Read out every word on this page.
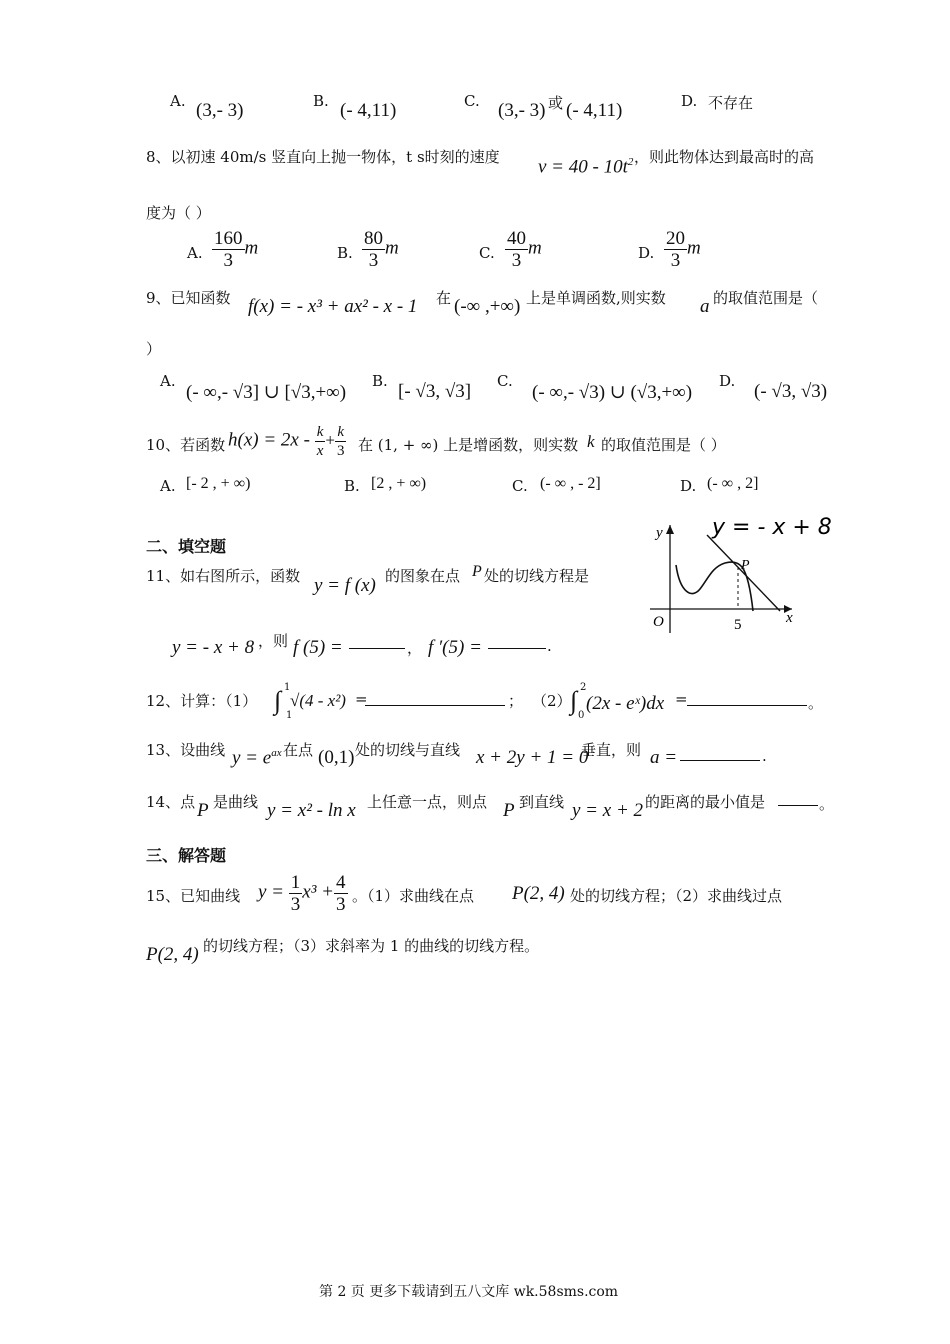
A. (3,- 3)	B. (- 4,11)	C. (3,- 3) 或 (- 4,11)	D. 不存在
8、以初速 40m/s 竖直向上抛一物体，t s时刻的速度 $v = 40 - 10t^2$ ，则此物体达到最高时的高
度为（ ）
A. $\frac{160}{3}$ m	B. $\frac{80}{3}$ m	C. $\frac{40}{3}$ m	D. $\frac{20}{3}$ m
9、已知函数 f(x) = - x³ + ax² - x - 1 在 (-∞ ,+∞) 上是单调函数,则实数 a 的取值范围是（
）
A.
(- ∞,- √3] ∪ [√3,+∞)
B. [- √3, √3] C.
(- ∞,- √3) ∪ (√3,+∞)
D. (- √3, √3)
10、若函数 $h(x) = 2x - \frac{k}{x} + \frac{k}{3}$ 在 (1, + ∞) 上是增函数，则实数 k 的取值范围是（ ）
A. [- 2 , + ∞)	B. [2 , + ∞)	C. (- ∞ , - 2]	D. (- ∞ , 2]
二、填空题
11、如右图所示，函数 y = f (x) 的图象在点 P 处的切线方程是
y = - x + 8 ，则 f (5) =	， f ′(5) =	.
y
x
O
P
5
y = - x + 8
12、计算：（1） ∫ 1
1
√(4 - x²) =	； （2）
∫ 2
0
(2x - eˣ)dx =	。
13、设曲线 $y = e^{ax}$ 在点 (0,1) 处的切线与直线 x + 2y + 1 = 0
垂直，则 a =	.
14、点 P 是曲线 y = x² - ln x 上任意一点，则点 P 到直线 y = x + 2 的距离的最小值是	。
三、解答题
15、已知曲线 $y = \frac{1}{3} x^3 + \frac{4}{3}$ 。（1）求曲线在点 P(2, 4) 处的切线方程；（2）求曲线过点
P(2, 4) 的切线方程；（3）求斜率为 1 的曲线的切线方程。
第 2 页 更多下载请到五八文库 wk.58sms.com
